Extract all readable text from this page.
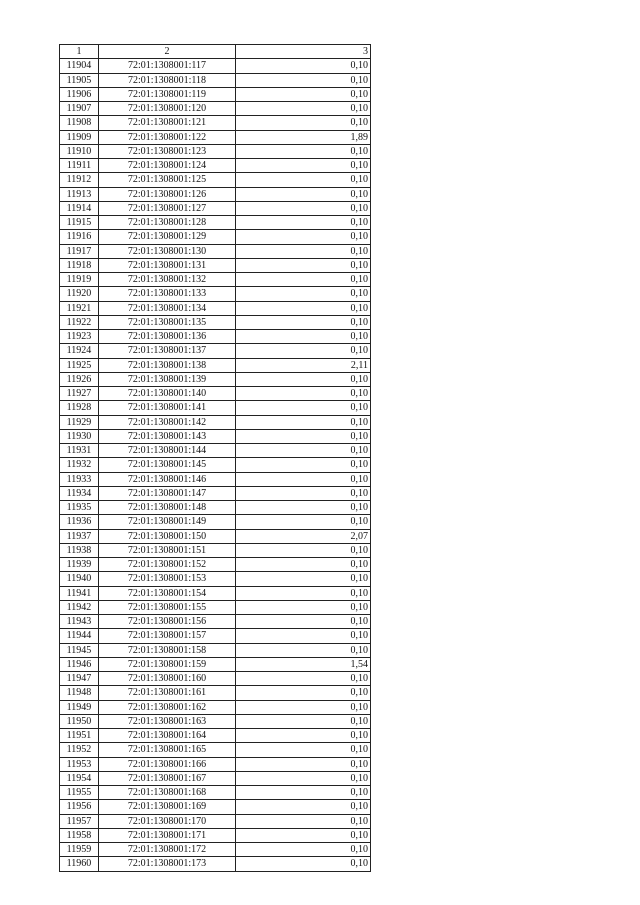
1	2	3
11904	72:01:1308001:117	0,10
11905	72:01:1308001:118	0,10
11906	72:01:1308001:119	0,10
11907	72:01:1308001:120	0,10
11908	72:01:1308001:121	0,10
11909	72:01:1308001:122	1,89
11910	72:01:1308001:123	0,10
11911	72:01:1308001:124	0,10
11912	72:01:1308001:125	0,10
11913	72:01:1308001:126	0,10
11914	72:01:1308001:127	0,10
11915	72:01:1308001:128	0,10
11916	72:01:1308001:129	0,10
11917	72:01:1308001:130	0,10
11918	72:01:1308001:131	0,10
11919	72:01:1308001:132	0,10
11920	72:01:1308001:133	0,10
11921	72:01:1308001:134	0,10
11922	72:01:1308001:135	0,10
11923	72:01:1308001:136	0,10
11924	72:01:1308001:137	0,10
11925	72:01:1308001:138	2,11
11926	72:01:1308001:139	0,10
11927	72:01:1308001:140	0,10
11928	72:01:1308001:141	0,10
11929	72:01:1308001:142	0,10
11930	72:01:1308001:143	0,10
11931	72:01:1308001:144	0,10
11932	72:01:1308001:145	0,10
11933	72:01:1308001:146	0,10
11934	72:01:1308001:147	0,10
11935	72:01:1308001:148	0,10
11936	72:01:1308001:149	0,10
11937	72:01:1308001:150	2,07
11938	72:01:1308001:151	0,10
11939	72:01:1308001:152	0,10
11940	72:01:1308001:153	0,10
11941	72:01:1308001:154	0,10
11942	72:01:1308001:155	0,10
11943	72:01:1308001:156	0,10
11944	72:01:1308001:157	0,10
11945	72:01:1308001:158	0,10
11946	72:01:1308001:159	1,54
11947	72:01:1308001:160	0,10
11948	72:01:1308001:161	0,10
11949	72:01:1308001:162	0,10
11950	72:01:1308001:163	0,10
11951	72:01:1308001:164	0,10
11952	72:01:1308001:165	0,10
11953	72:01:1308001:166	0,10
11954	72:01:1308001:167	0,10
11955	72:01:1308001:168	0,10
11956	72:01:1308001:169	0,10
11957	72:01:1308001:170	0,10
11958	72:01:1308001:171	0,10
11959	72:01:1308001:172	0,10
11960	72:01:1308001:173	0,10
